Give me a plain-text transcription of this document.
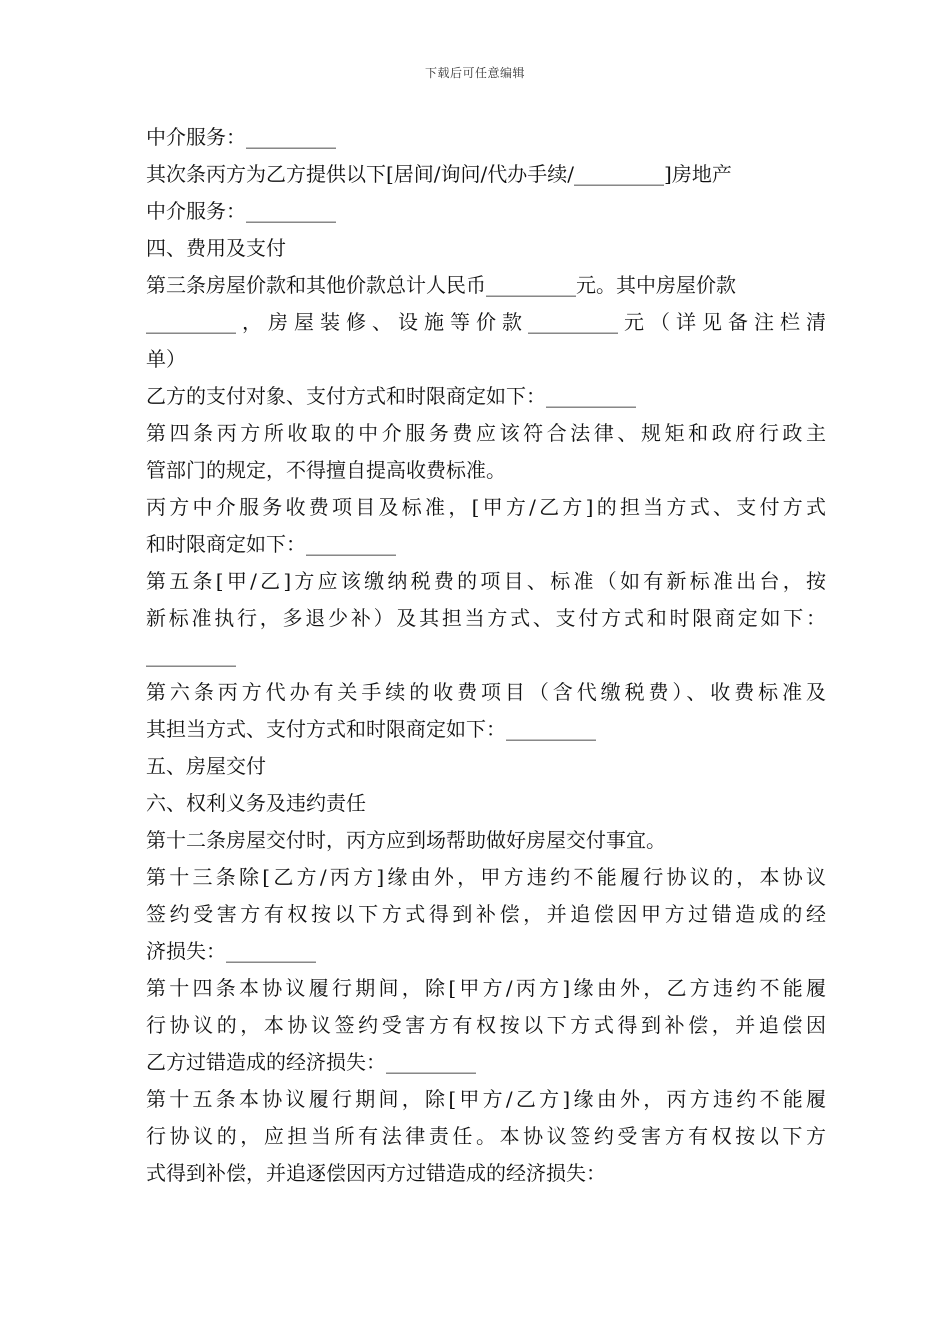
下载后可任意编辑
中介服务：_________
其次条丙方为乙方提供以下[居间/询问/代办手续/_________]房地产
中介服务：_________
四、费用及支付
第三条房屋价款和其他价款总计人民币_________元。其中房屋价款
_________，房屋装修、设施等价款_________元（详见备注栏清
单）
乙方的支付对象、支付方式和时限商定如下：_________
第四条丙方所收取的中介服务费应该符合法律、规矩和政府行政主
管部门的规定，不得擅自提高收费标准。
丙方中介服务收费项目及标准，[甲方/乙方]的担当方式、支付方式
和时限商定如下：_________
第五条[甲/乙]方应该缴纳税费的项目、标准（如有新标准出台，按
新标准执行，多退少补）及其担当方式、支付方式和时限商定如下：
_________
第六条丙方代办有关手续的收费项目（含代缴税费）、收费标准及
其担当方式、支付方式和时限商定如下：_________
五、房屋交付
六、权利义务及违约责任
第十二条房屋交付时，丙方应到场帮助做好房屋交付事宜。
第十三条除[乙方/丙方]缘由外，甲方违约不能履行协议的，本协议
签约受害方有权按以下方式得到补偿，并追偿因甲方过错造成的经
济损失：_________
第十四条本协议履行期间，除[甲方/丙方]缘由外，乙方违约不能履
行协议的，本协议签约受害方有权按以下方式得到补偿，并追偿因
乙方过错造成的经济损失：_________
第十五条本协议履行期间，除[甲方/乙方]缘由外，丙方违约不能履
行协议的，应担当所有法律责任。本协议签约受害方有权按以下方
式得到补偿，并追逐偿因丙方过错造成的经济损失：
